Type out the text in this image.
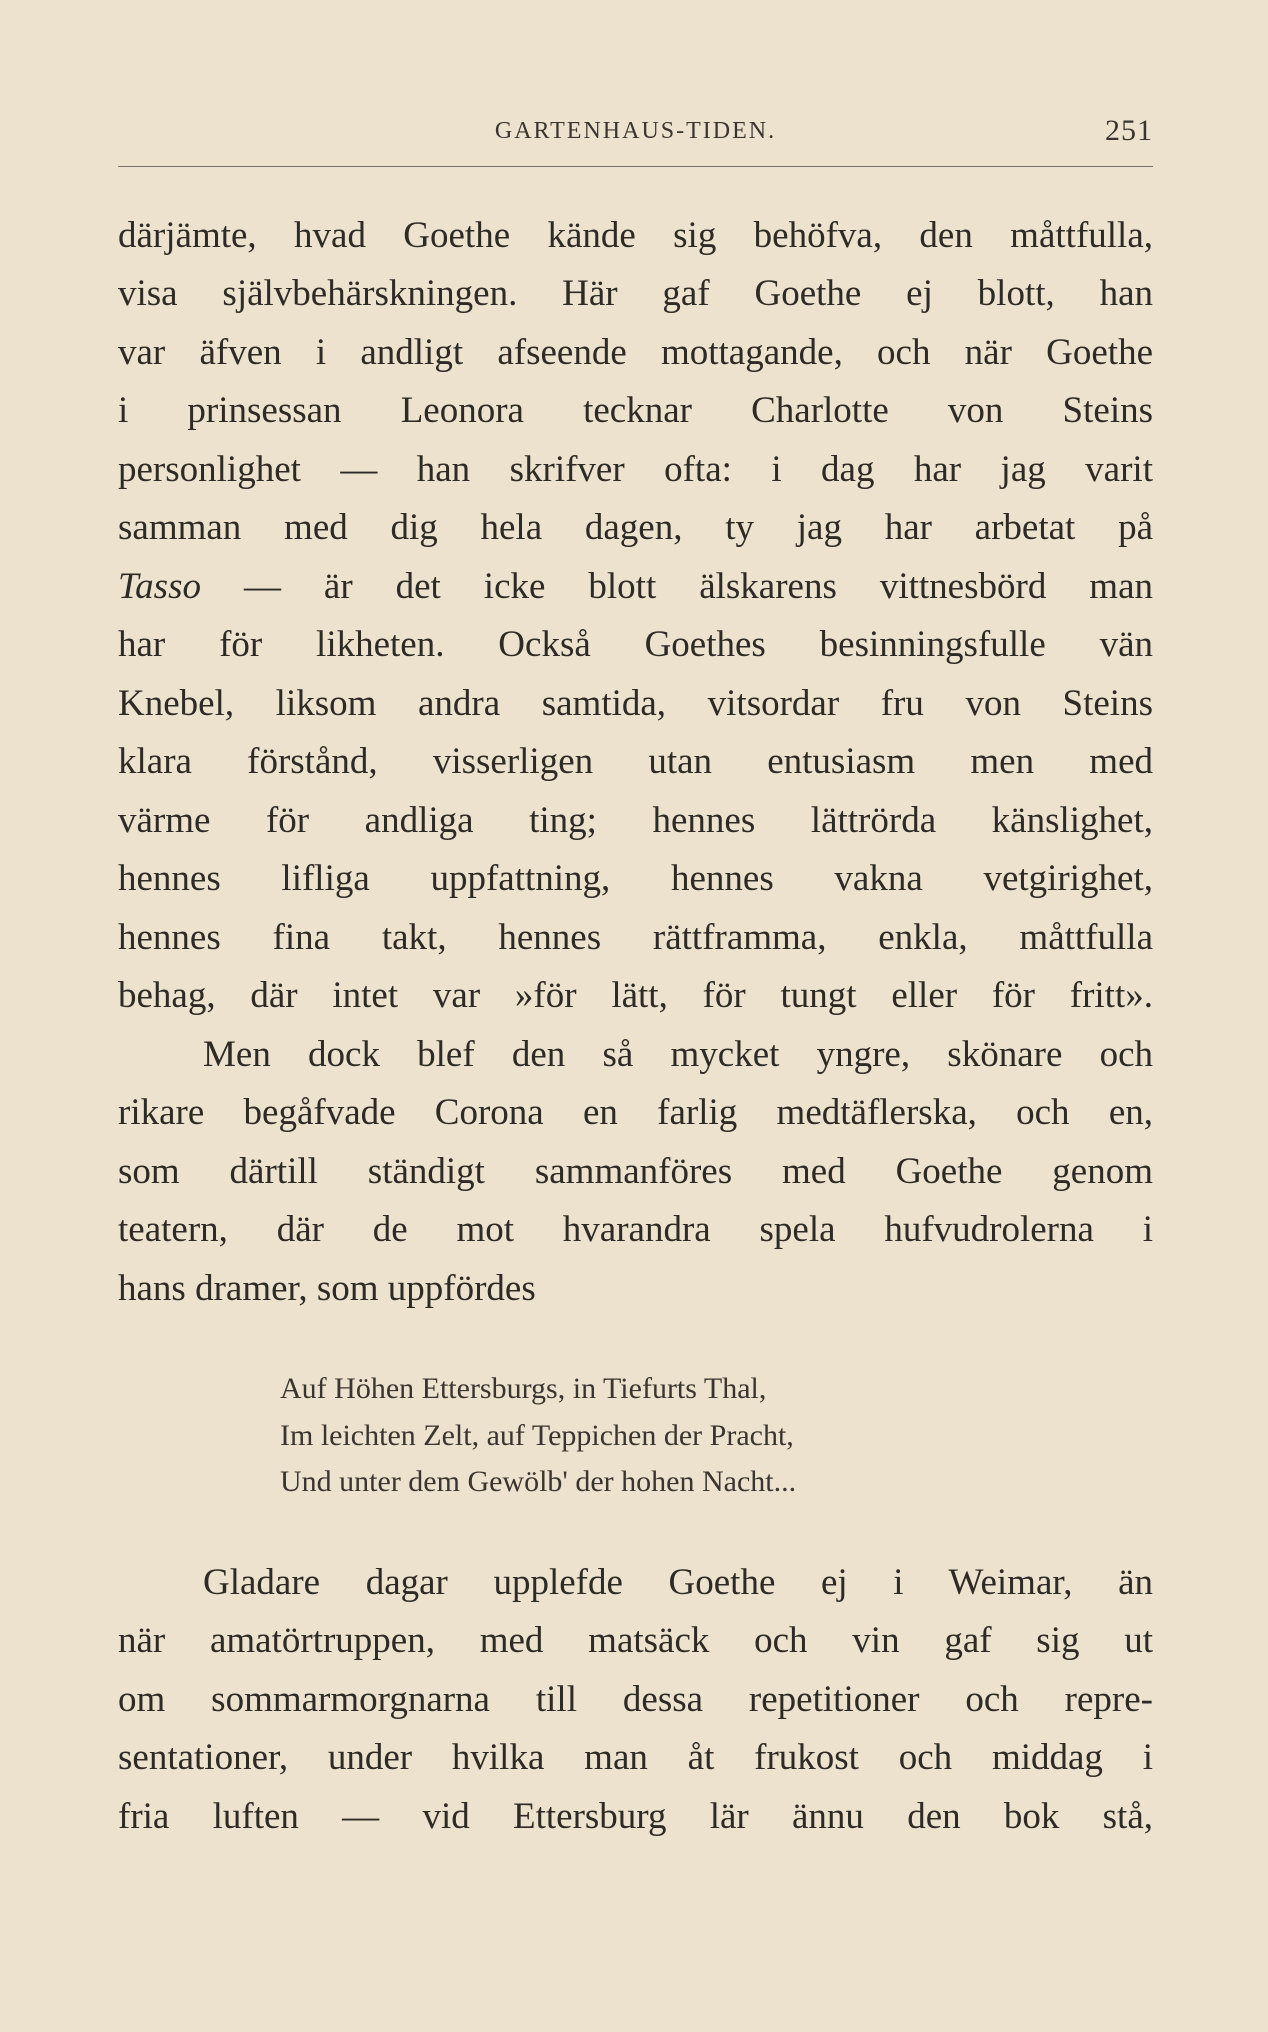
GARTENHAUS-TIDEN.	251
därjämte, hvad Goethe kände sig behöfva, den måttfulla,
visa självbehärskningen. Här gaf Goethe ej blott, han
var äfven i andligt afseende mottagande, och när Goethe
i prinsessan Leonora tecknar Charlotte von Steins
personlighet — han skrifver ofta: i dag har jag varit
samman med dig hela dagen, ty jag har arbetat på
Tasso — är det icke blott älskarens vittnesbörd man
har för likheten. Också Goethes besinningsfulle vän
Knebel, liksom andra samtida, vitsordar fru von Steins
klara förstånd, visserligen utan entusiasm men med
värme för andliga ting; hennes lättrörda känslighet,
hennes lifliga uppfattning, hennes vakna vetgirighet,
hennes fina takt, hennes rättframma, enkla, måttfulla
behag, där intet var »för lätt, för tungt eller för fritt».
Men dock blef den så mycket yngre, skönare och
rikare begåfvade Corona en farlig medtäflerska, och en,
som därtill ständigt sammanföres med Goethe genom
teatern, där de mot hvarandra spela hufvudrolerna i
hans dramer, som uppfördes
Auf Höhen Ettersburgs, in Tiefurts Thal,
Im leichten Zelt, auf Teppichen der Pracht,
Und unter dem Gewölb' der hohen Nacht...
Gladare dagar upplefde Goethe ej i Weimar, än
när amatörtruppen, med matsäck och vin gaf sig ut
om sommarmorgnarna till dessa repetitioner och repre-
sentationer, under hvilka man åt frukost och middag i
fria luften — vid Ettersburg lär ännu den bok stå,
